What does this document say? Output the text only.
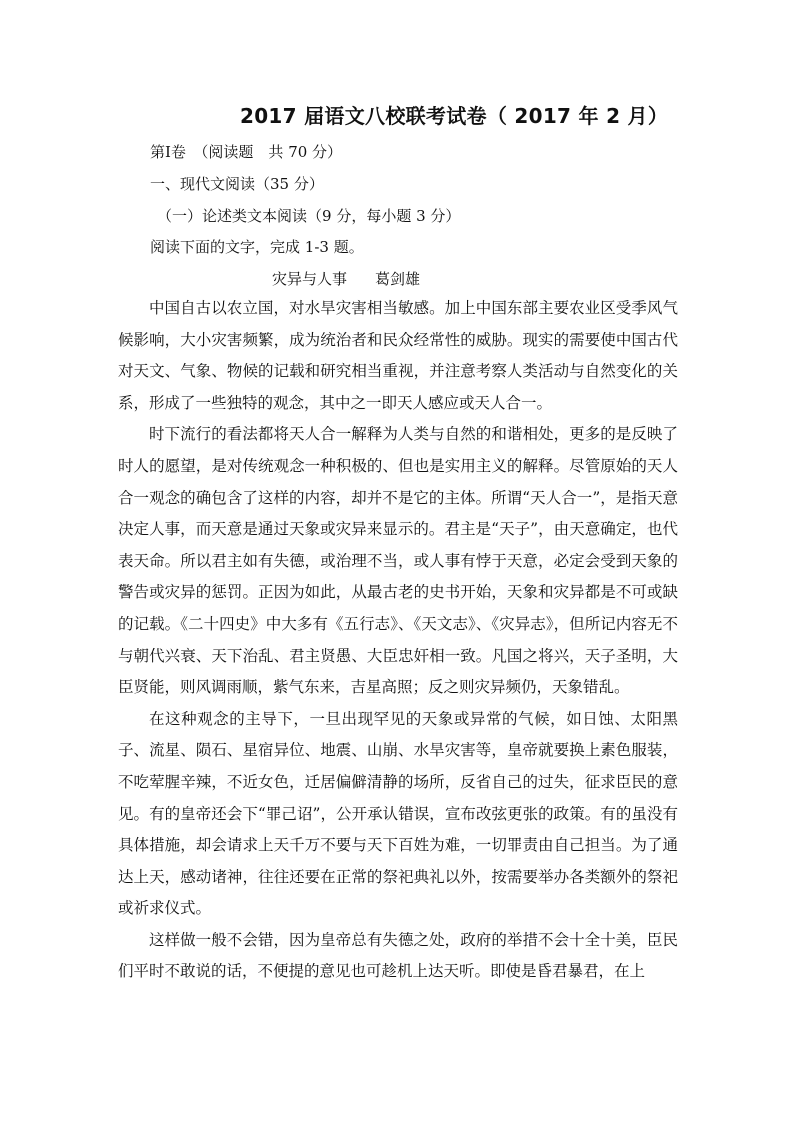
2017 届语文八校联考试卷（ 2017 年 2 月）
第Ⅰ卷　（阅读题　共 70 分）
一、现代文阅读（35 分）
（一）论述类文本阅读（9 分，每小题 3 分）
阅读下面的文字，完成 1-3 题。
灾异与人事 葛剑雄

中国自古以农立国，对水旱灾害相当敏感。加上中国东部主要农业区受季风气候影响，大小灾害频繁，成为统治者和民众经常性的威胁。现实的需要使中国古代对天文、气象、物候的记载和研究相当重视，并注意考察人类活动与自然变化的关系，形成了一些独特的观念，其中之一即天人感应或天人合一。

时下流行的看法都将天人合一解释为人类与自然的和谐相处，更多的是反映了时人的愿望，是对传统观念一种积极的、但也是实用主义的解释。尽管原始的天人合一观念的确包含了这样的内容，却并不是它的主体。所谓“天人合一”，是指天意决定人事，而天意是通过天象或灾异来显示的。君主是“天子”，由天意确定，也代表天命。所以君主如有失德，或治理不当，或人事有悖于天意，必定会受到天象的警告或灾异的惩罚。正因为如此，从最古老的史书开始，天象和灾异都是不可或缺的记载。《二十四史》中大多有《五行志》、《天文志》、《灾异志》，但所记内容无不与朝代兴衰、天下治乱、君主贤愚、大臣忠奸相一致。凡国之将兴，天子圣明，大臣贤能，则风调雨顺，紫气东来，吉星高照；反之则灾异频仍，天象错乱。

在这种观念的主导下，一旦出现罕见的天象或异常的气候，如日蚀、太阳黑子、流星、陨石、星宿异位、地震、山崩、水旱灾害等，皇帝就要换上素色服装，不吃荤腥辛辣，不近女色，迁居偏僻清静的场所，反省自己的过失，征求臣民的意见。有的皇帝还会下“罪己诏”，公开承认错误，宣布改弦更张的政策。有的虽没有具体措施，却会请求上天千万不要与天下百姓为难，一切罪责由自己担当。为了通达上天，感动诸神，往往还要在正常的祭祀典礼以外，按需要举办各类额外的祭祀或祈求仪式。

这样做一般不会错，因为皇帝总有失德之处，政府的举措不会十全十美，臣民们平时不敢说的话，不便提的意见也可趁机上达天听。即使是昏君暴君，在上
